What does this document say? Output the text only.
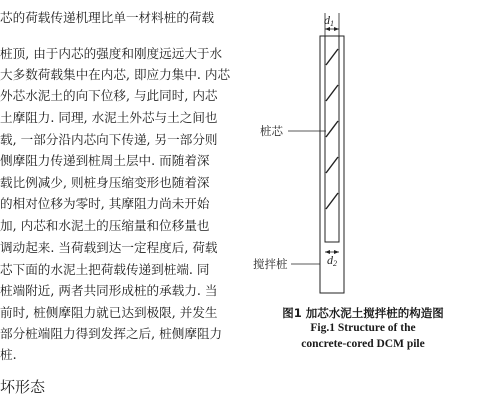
芯的荷载传递机理比单一材料桩的荷载
桩顶, 由于内芯的强度和刚度远远大于水
大多数荷载集中在内芯, 即应力集中. 内芯
外芯水泥土的向下位移, 与此同时, 内芯
土摩阻力. 同理, 水泥土外芯与土之间也
载, 一部分沿内芯向下传递, 另一部分则
侧摩阻力传递到桩周土层中. 而随着深
载比例减少, 则桩身压缩变形也随着深
的相对位移为零时, 其摩阻力尚未开始
加, 内芯和水泥土的压缩量和位移量也
调动起来. 当荷载到达一定程度后, 荷载
芯下面的水泥土把荷载传递到桩端. 同
桩端附近, 两者共同形成桩的承载力. 当
前时, 桩侧摩阻力就已达到极限, 并发生
部分桩端阻力得到发挥之后, 桩侧摩阻力
桩.
坏形态
d1
桩芯
d2
搅拌桩
图1 加芯水泥土搅拌桩的构造图
Fig.1 Structure of the
concrete-cored DCM pile
